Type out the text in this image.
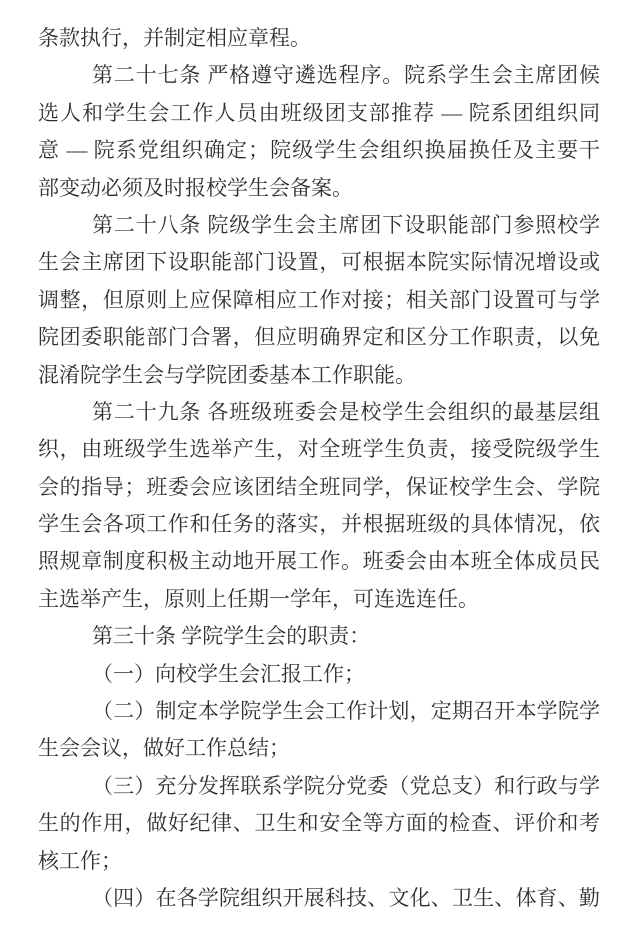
条款执行，并制定相应章程。

第二十七条 严格遵守遴选程序。院系学生会主席团候

选人和学生会工作人员由班级团支部推荐 — 院系团组织同

意 — 院系党组织确定；院级学生会组织换届换任及主要干

部变动必须及时报校学生会备案。

第二十八条 院级学生会主席团下设职能部门参照校学

生会主席团下设职能部门设置，可根据本院实际情况增设或

调整，但原则上应保障相应工作对接；相关部门设置可与学

院团委职能部门合署，但应明确界定和区分工作职责，以免

混淆院学生会与学院团委基本工作职能。

第二十九条 各班级班委会是校学生会组织的最基层组

织，由班级学生选举产生，对全班学生负责，接受院级学生

会的指导；班委会应该团结全班同学，保证校学生会、学院

学生会各项工作和任务的落实，并根据班级的具体情况，依

照规章制度积极主动地开展工作。班委会由本班全体成员民

主选举产生，原则上任期一学年，可连选连任。

第三十条 学院学生会的职责：

（一）向校学生会汇报工作；

（二）制定本学院学生会工作计划，定期召开本学院学

生会会议，做好工作总结；

（三）充分发挥联系学院分党委（党总支）和行政与学

生的作用，做好纪律、卫生和安全等方面的检查、评价和考

核工作；

（四）在各学院组织开展科技、文化、卫生、体育、勤
